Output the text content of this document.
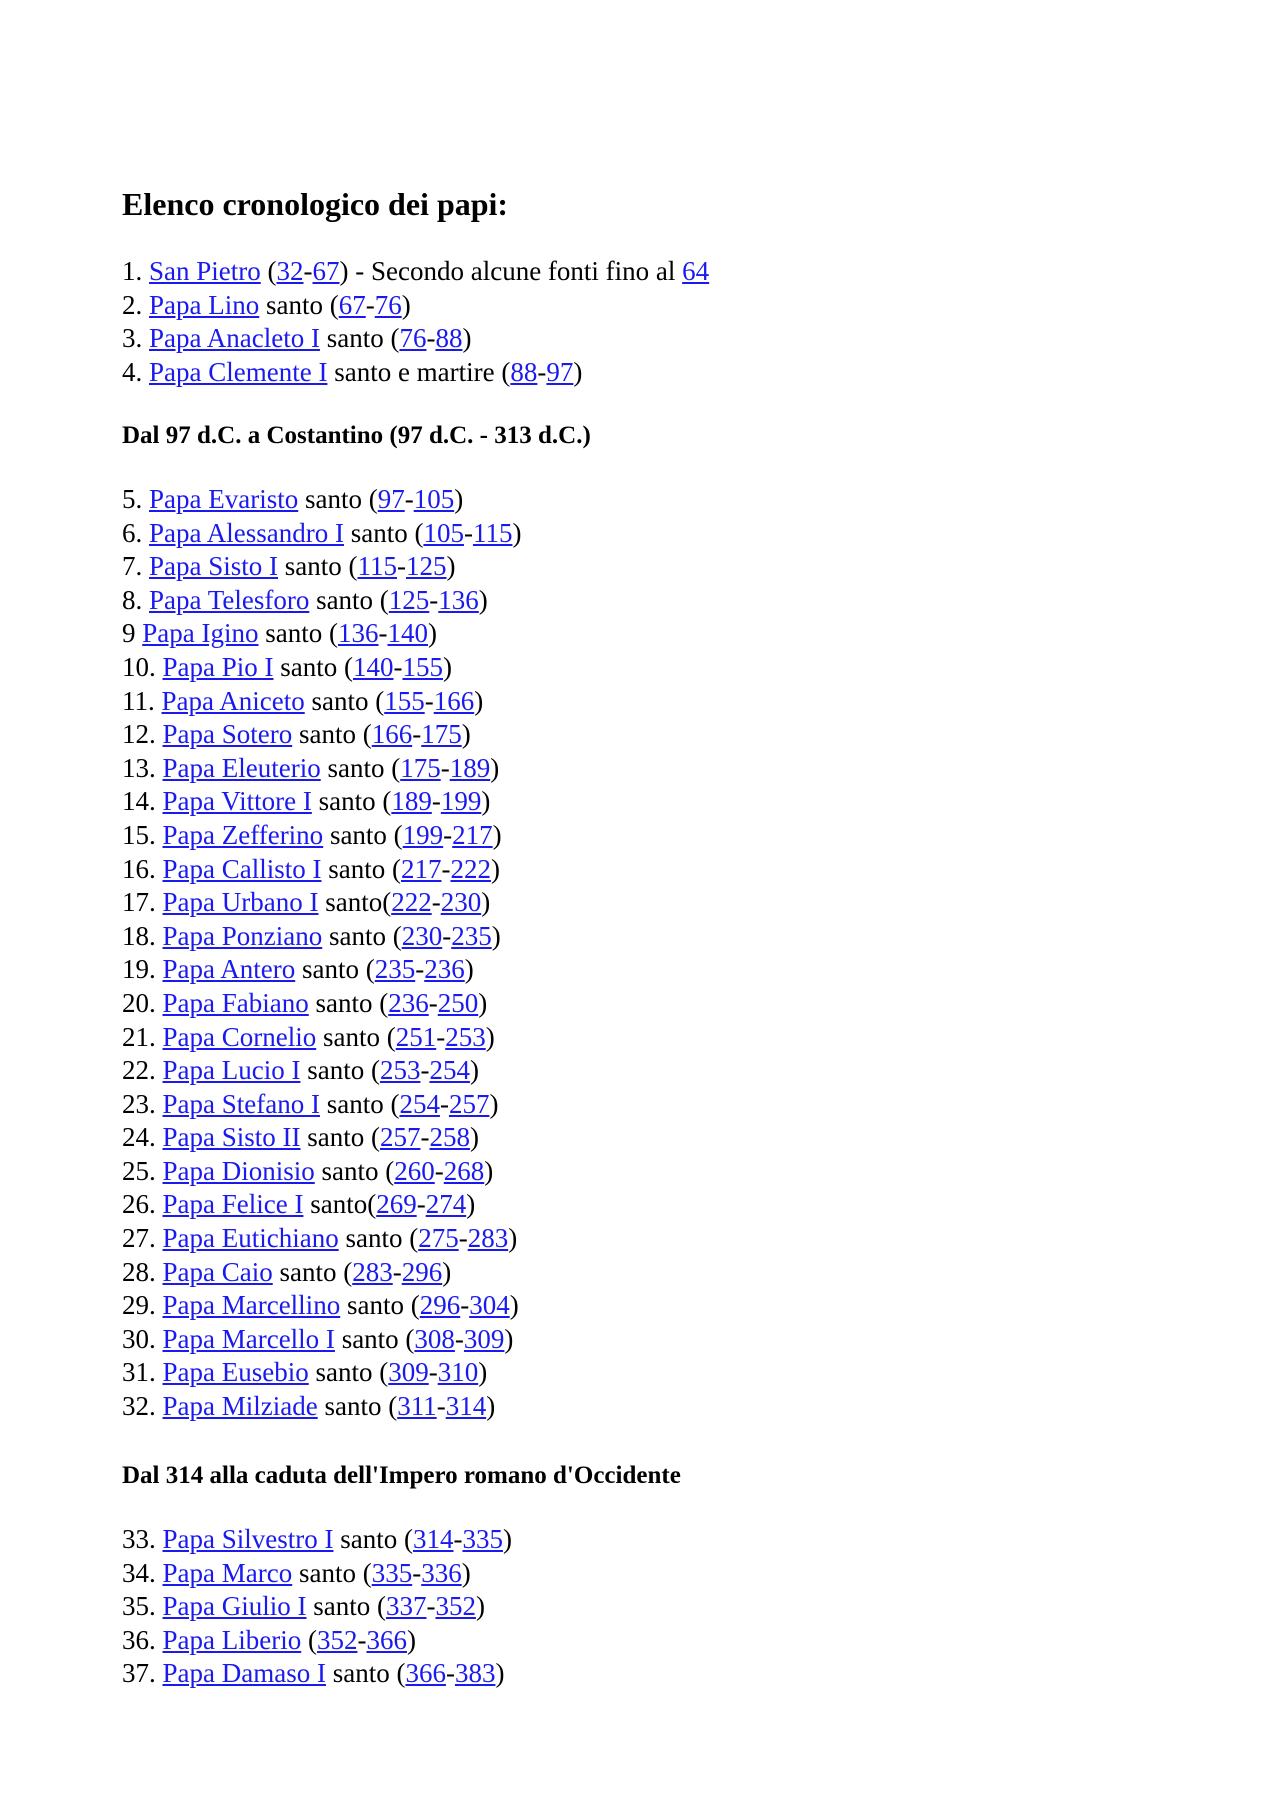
Elenco cronologico dei papi:
1. San Pietro (32-67) - Secondo alcune fonti fino al 64
2. Papa Lino santo (67-76)
3. Papa Anacleto I santo (76-88)
4. Papa Clemente I santo e martire (88-97)
Dal 97 d.C. a Costantino (97 d.C. - 313 d.C.)
5. Papa Evaristo santo (97-105)
6. Papa Alessandro I santo (105-115)
7. Papa Sisto I santo (115-125)
8. Papa Telesforo santo (125-136)
9 Papa Igino santo (136-140)
10. Papa Pio I santo (140-155)
11. Papa Aniceto santo (155-166)
12. Papa Sotero santo (166-175)
13. Papa Eleuterio santo (175-189)
14. Papa Vittore I santo (189-199)
15. Papa Zefferino santo (199-217)
16. Papa Callisto I santo (217-222)
17. Papa Urbano I santo(222-230)
18. Papa Ponziano santo (230-235)
19. Papa Antero santo (235-236)
20. Papa Fabiano santo (236-250)
21. Papa Cornelio santo (251-253)
22. Papa Lucio I santo (253-254)
23. Papa Stefano I santo (254-257)
24. Papa Sisto II santo (257-258)
25. Papa Dionisio santo (260-268)
26. Papa Felice I santo(269-274)
27. Papa Eutichiano santo (275-283)
28. Papa Caio santo (283-296)
29. Papa Marcellino santo (296-304)
30. Papa Marcello I santo (308-309)
31. Papa Eusebio santo (309-310)
32. Papa Milziade santo (311-314)
Dal 314 alla caduta dell'Impero romano d'Occidente
33. Papa Silvestro I santo (314-335)
34. Papa Marco santo (335-336)
35. Papa Giulio I santo (337-352)
36. Papa Liberio (352-366)
37. Papa Damaso I santo (366-383)
